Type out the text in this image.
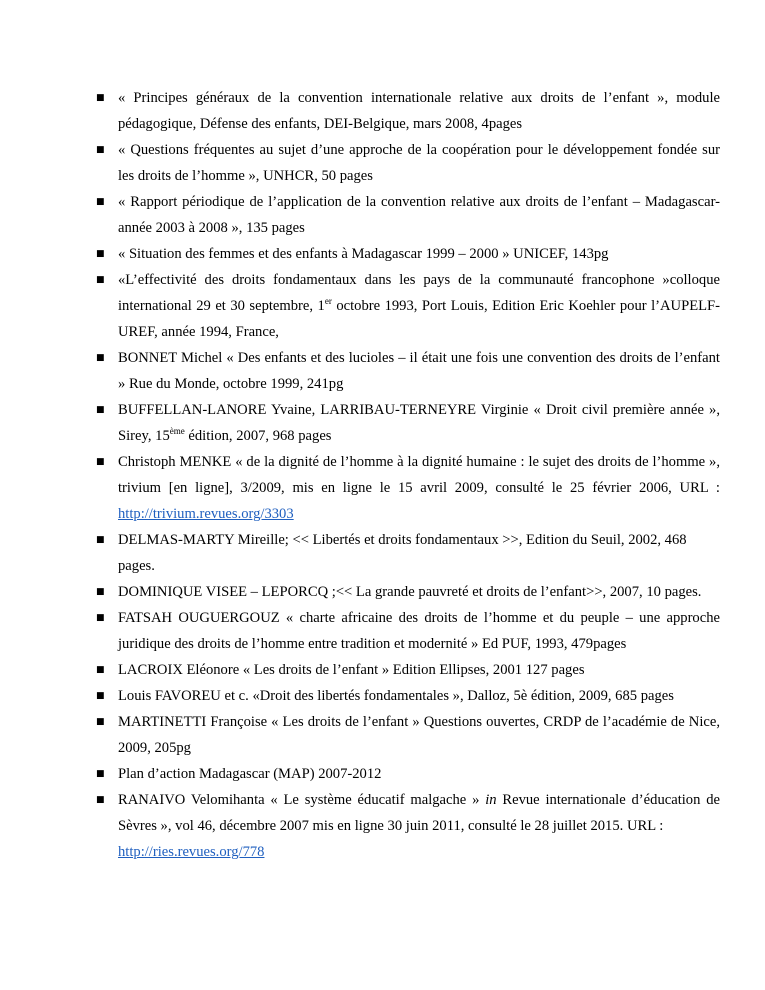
■ « Principes généraux de la convention internationale relative aux droits de l’enfant », module pédagogique, Défense des enfants, DEI-Belgique, mars 2008, 4pages
■ « Questions fréquentes au sujet d’une approche de la coopération pour le développement fondée sur les droits de l’homme », UNHCR, 50 pages
■ « Rapport périodique de l’application de la convention relative aux droits de l’enfant – Madagascar-année 2003 à 2008 », 135 pages
■ « Situation des femmes et des enfants à Madagascar 1999 – 2000 » UNICEF, 143pg
■ «L’effectivité des droits fondamentaux dans les pays de la communauté francophone »colloque international 29 et 30 septembre, 1er octobre 1993, Port Louis, Edition Eric Koehler pour l’AUPELF-UREF, année 1994, France,
■ BONNET Michel « Des enfants et des lucioles – il était une fois une convention des droits de l’enfant » Rue du Monde, octobre 1999, 241pg
■ BUFFELLAN-LANORE Yvaine, LARRIBAU-TERNEYRE Virginie « Droit civil première année », Sirey, 15ème édition, 2007, 968 pages
■ Christoph MENKE « de la dignité de l’homme à la dignité humaine : le sujet des droits de l’homme », trivium [en ligne], 3/2009, mis en ligne le 15 avril 2009, consulté le 25 février 2006, URL : http://trivium.revues.org/3303
■ DELMAS-MARTY Mireille; << Libertés et droits fondamentaux >>, Edition du Seuil, 2002, 468 pages.
■ DOMINIQUE VISEE – LEPORCQ ;<< La grande pauvreté et droits de l’enfant>>, 2007, 10 pages.
■ FATSAH OUGUERGOUZ « charte africaine des droits de l’homme et du peuple – une approche juridique des droits de l’homme entre tradition et modernité » Ed PUF, 1993, 479pages
■ LACROIX Eléonore « Les droits de l’enfant » Edition Ellipses, 2001 127 pages
■ Louis FAVOREU et c. «Droit des libertés fondamentales », Dalloz, 5è édition, 2009, 685 pages
■ MARTINETTI Françoise « Les droits de l’enfant » Questions ouvertes, CRDP de l’académie de Nice, 2009, 205pg
■ Plan d’action Madagascar (MAP) 2007-2012
■ RANAIVO Velomihanta « Le système éducatif malgache » in Revue internationale d’éducation de Sèvres », vol 46, décembre 2007 mis en ligne 30 juin 2011, consulté le 28 juillet 2015. URL :
http://ries.revues.org/778
